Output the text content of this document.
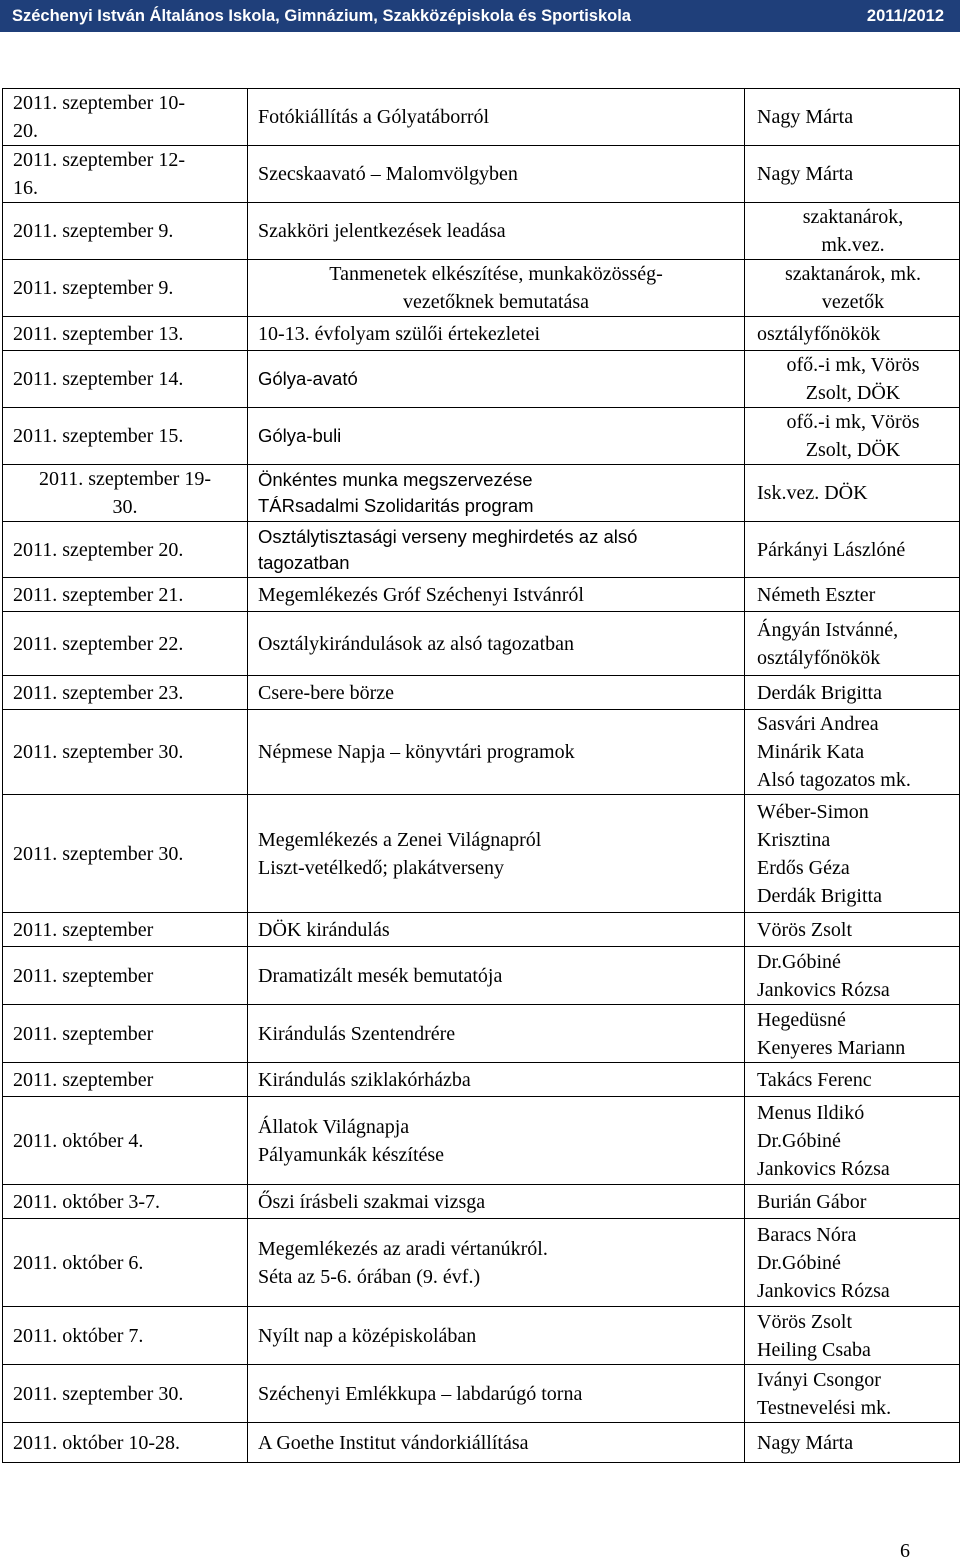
Széchenyi István Általános Iskola, Gimnázium, Szakközépiskola és Sportiskola	2011/2012
2011. szeptember 10-
20.	Fotókiállítás a Gólyatáborról	Nagy Márta

2011. szeptember 12-
16.	Szecskaavató – Malomvölgyben	Nagy Márta

2011. szeptember 9.	Szakköri jelentkezések leadása	szaktanárok,
mk.vez.

2011. szeptember 9.	Tanmenetek elkészítése, munkaközösség-
vezetőknek bemutatása	szaktanárok, mk.
vezetők

2011. szeptember 13.	10-13. évfolyam szülői értekezletei	osztályfőnökök

2011. szeptember 14.	Gólya-avató	ofő.-i mk, Vörös
Zsolt, DÖK

2011. szeptember 15.	Gólya-buli	ofő.-i mk, Vörös
Zsolt, DÖK

2011. szeptember 19-
30.	Önkéntes munka megszervezése
TÁRsadalmi Szolidaritás program	Isk.vez. DÖK

2011. szeptember 20.	Osztálytisztasági verseny meghirdetés az alsó
tagozatban	Párkányi Lászlóné

2011. szeptember 21.	Megemlékezés Gróf Széchenyi Istvánról	Németh Eszter

2011. szeptember 22.	Osztálykirándulások az alsó tagozatban	Ángyán Istvánné,
osztályfőnökök

2011. szeptember 23.	Csere-bere börze	Derdák Brigitta

2011. szeptember 30.	Népmese Napja – könyvtári programok	Sasvári Andrea
Minárik Kata
Alsó tagozatos mk.

2011. szeptember 30.	Megemlékezés a Zenei Világnapról
Liszt-vetélkedő; plakátverseny	Wéber-Simon
Krisztina
Erdős Géza
Derdák Brigitta

2011. szeptember	DÖK kirándulás	Vörös Zsolt

2011. szeptember	Dramatizált mesék bemutatója	Dr.Góbiné
Jankovics Rózsa

2011. szeptember	Kirándulás Szentendrére	Hegedüsné
Kenyeres Mariann

2011. szeptember	Kirándulás sziklakórházba	Takács Ferenc

2011. október 4.	Állatok Világnapja
Pályamunkák készítése	Menus Ildikó
Dr.Góbiné
Jankovics Rózsa

2011. október 3-7.	Őszi írásbeli szakmai vizsga	Burián Gábor

2011. október 6.	Megemlékezés az aradi vértanúkról.
Séta az 5-6. órában (9. évf.)	Baracs Nóra
Dr.Góbiné
Jankovics Rózsa

2011. október 7.	Nyílt nap a középiskolában	Vörös Zsolt
Heiling Csaba

2011. szeptember 30.	Széchenyi Emlékkupa – labdarúgó torna	Iványi Csongor
Testnevelési mk.

2011. október 10-28.	A Goethe Institut vándorkiállítása	Nagy Márta
6
